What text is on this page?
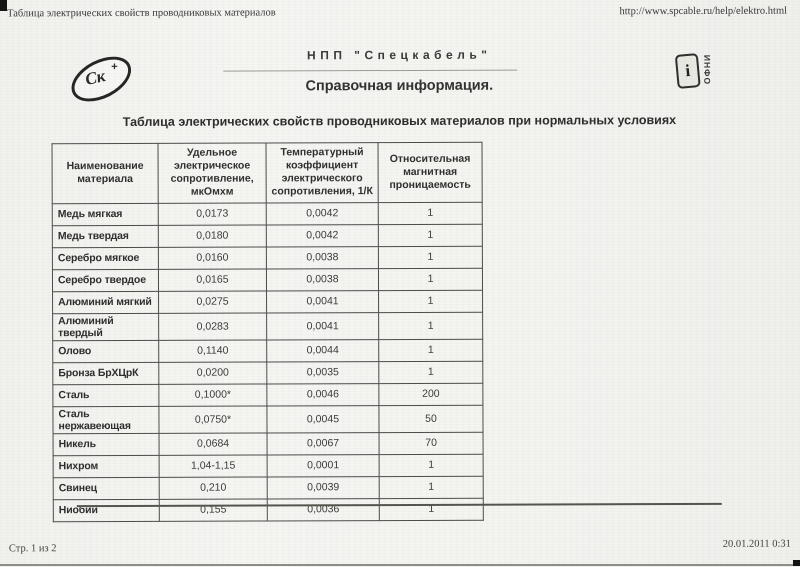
Таблица электрических свойств проводниковых материалов	http://www.spcable.ru/help/elektro.html
Ск +
НПП "Спецкабель"
Справочная информация.
i	ИНФО
Таблица электрических свойств проводниковых материалов при нормальных условиях
Наименование материала	Удельное электрическое сопротивление, мкОмхм	Температурный коэффициент электрического сопротивления, 1/К	Относительная магнитная проницаемость
Медь мягкая	0,0173	0,0042	1
Медь твердая	0,0180	0,0042	1
Серебро мягкое	0,0160	0,0038	1
Серебро твердое	0,0165	0,0038	1
Алюминий мягкий	0,0275	0,0041	1
Алюминий твердый	0,0283	0,0041	1
Олово	0,1140	0,0044	1
Бронза БрХЦрК	0,0200	0,0035	1
Сталь	0,1000*	0,0046	200
Сталь нержавеющая	0,0750*	0,0045	50
Никель	0,0684	0,0067	70
Нихром	1,04-1,15	0,0001	1
Свинец	0,210	0,0039	1
Ниобий	0,155	0,0036	1
Стр. 1 из 2	20.01.2011 0:31
